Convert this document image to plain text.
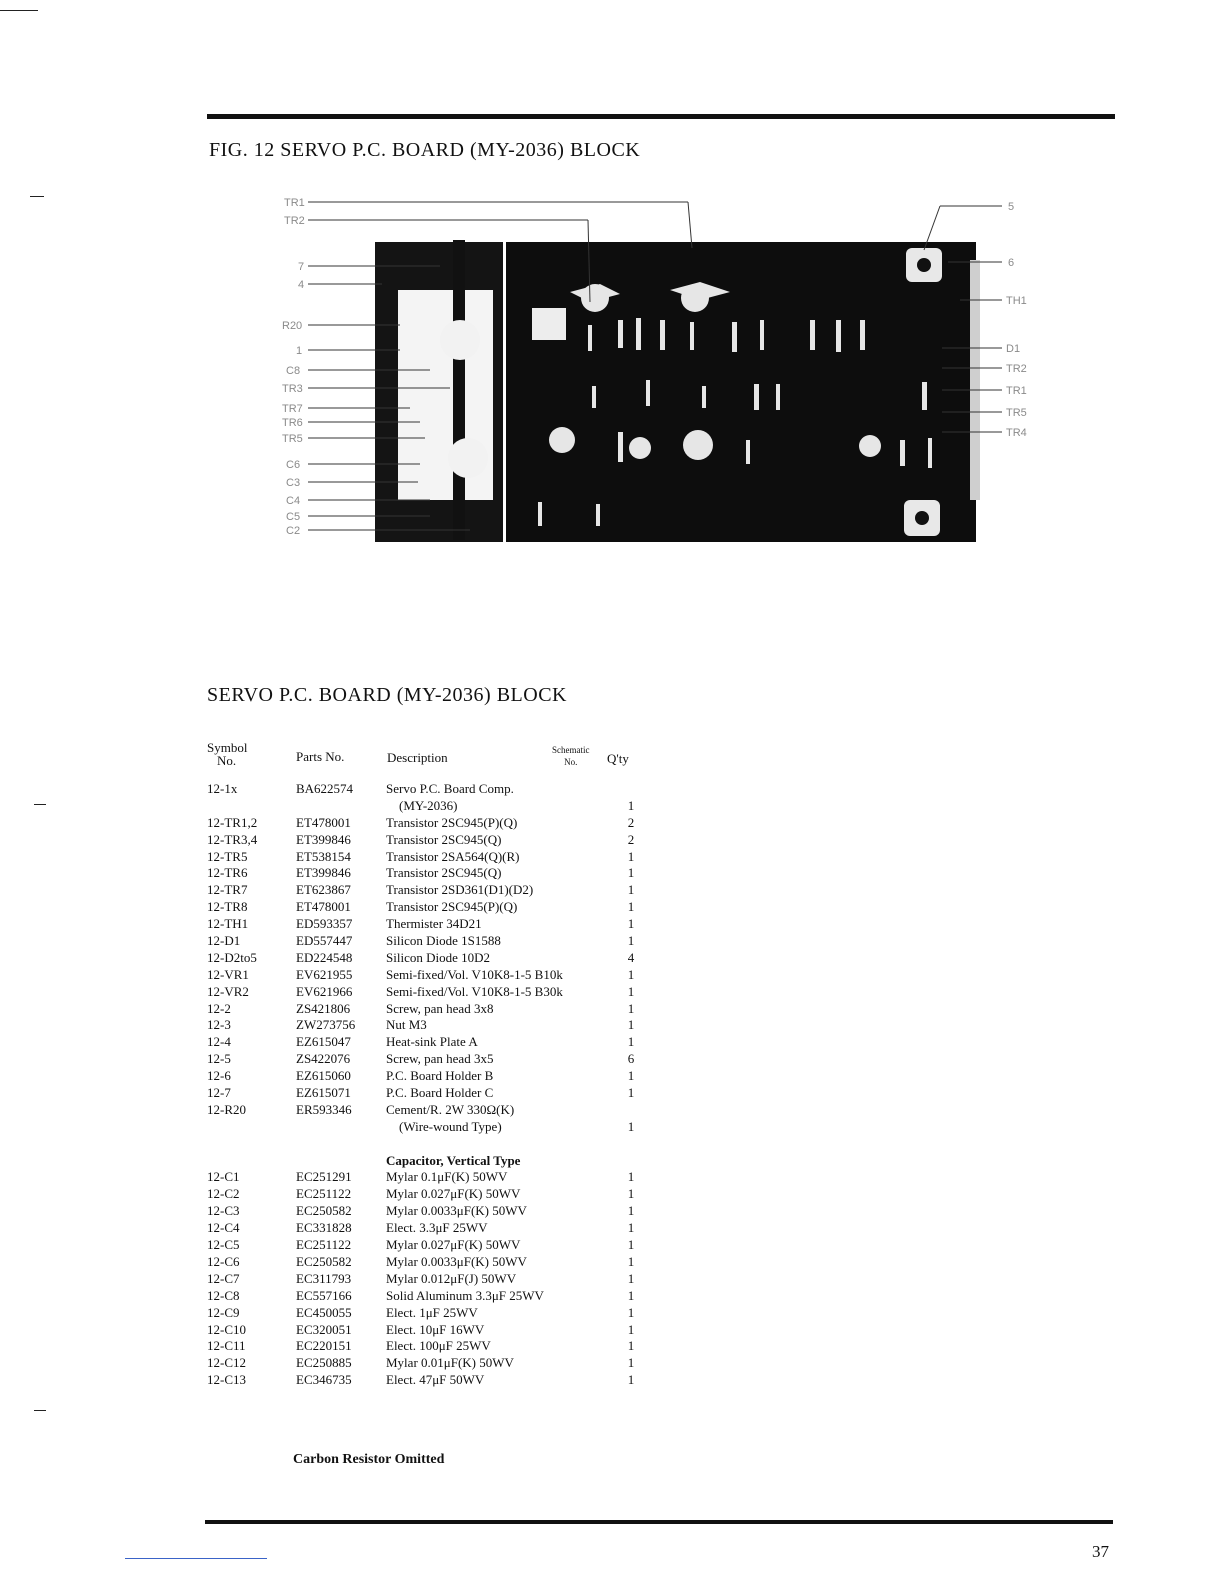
FIG. 12 SERVO P.C. BOARD (MY-2036) BLOCK
TR1
TR2
7
4
R20
1
C8
TR3
TR7
TR6
TR5
C6
C3
C4
C5
C2
5
6
TH1
D1
TR2
TR1
TR5
TR4
SERVO P.C. BOARD (MY-2036) BLOCK
Symbol
No.	Parts No.	Description	Schematic
No.	Q'ty
12-1x	BA622574	Servo P.C. Board Comp.
(MY-2036)	1
12-TR1,2	ET478001	Transistor 2SC945(P)(Q)	2
12-TR3,4	ET399846	Transistor 2SC945(Q)	2
12-TR5	ET538154	Transistor 2SA564(Q)(R)	1
12-TR6	ET399846	Transistor 2SC945(Q)	1
12-TR7	ET623867	Transistor 2SD361(D1)(D2)	1
12-TR8	ET478001	Transistor 2SC945(P)(Q)	1
12-TH1	ED593357	Thermister 34D21	1
12-D1	ED557447	Silicon Diode 1S1588	1
12-D2to5	ED224548	Silicon Diode 10D2	4
12-VR1	EV621955	Semi-fixed/Vol. V10K8-1-5 B10k	1
12-VR2	EV621966	Semi-fixed/Vol. V10K8-1-5 B30k	1
12-2	ZS421806	Screw, pan head 3x8	1
12-3	ZW273756 Nut M3	1
12-4	EZ615047	Heat-sink Plate A	1
12-5	ZS422076	Screw, pan head 3x5	6
12-6	EZ615060	P.C. Board Holder B	1
12-7	EZ615071	P.C. Board Holder C	1
12-R20	ER593346	Cement/R. 2W 330Ω(K)
(Wire-wound Type)	1
Capacitor, Vertical Type
12-C1	EC251291	Mylar 0.1μF(K) 50WV	1
12-C2	EC251122	Mylar 0.027μF(K) 50WV	1
12-C3	EC250582	Mylar 0.0033μF(K) 50WV	1
12-C4	EC331828	Elect. 3.3μF 25WV	1
12-C5	EC251122	Mylar 0.027μF(K) 50WV	1
12-C6	EC250582	Mylar 0.0033μF(K) 50WV	1
12-C7	EC311793	Mylar 0.012μF(J) 50WV	1
12-C8	EC557166	Solid Aluminum 3.3μF 25WV	1
12-C9	EC450055	Elect. 1μF 25WV	1
12-C10	EC320051	Elect. 10μF 16WV	1
12-C11	EC220151	Elect. 100μF 25WV	1
12-C12	EC250885	Mylar 0.01μF(K) 50WV	1
12-C13	EC346735	Elect. 47μF 50WV	1
Carbon Resistor Omitted
37
